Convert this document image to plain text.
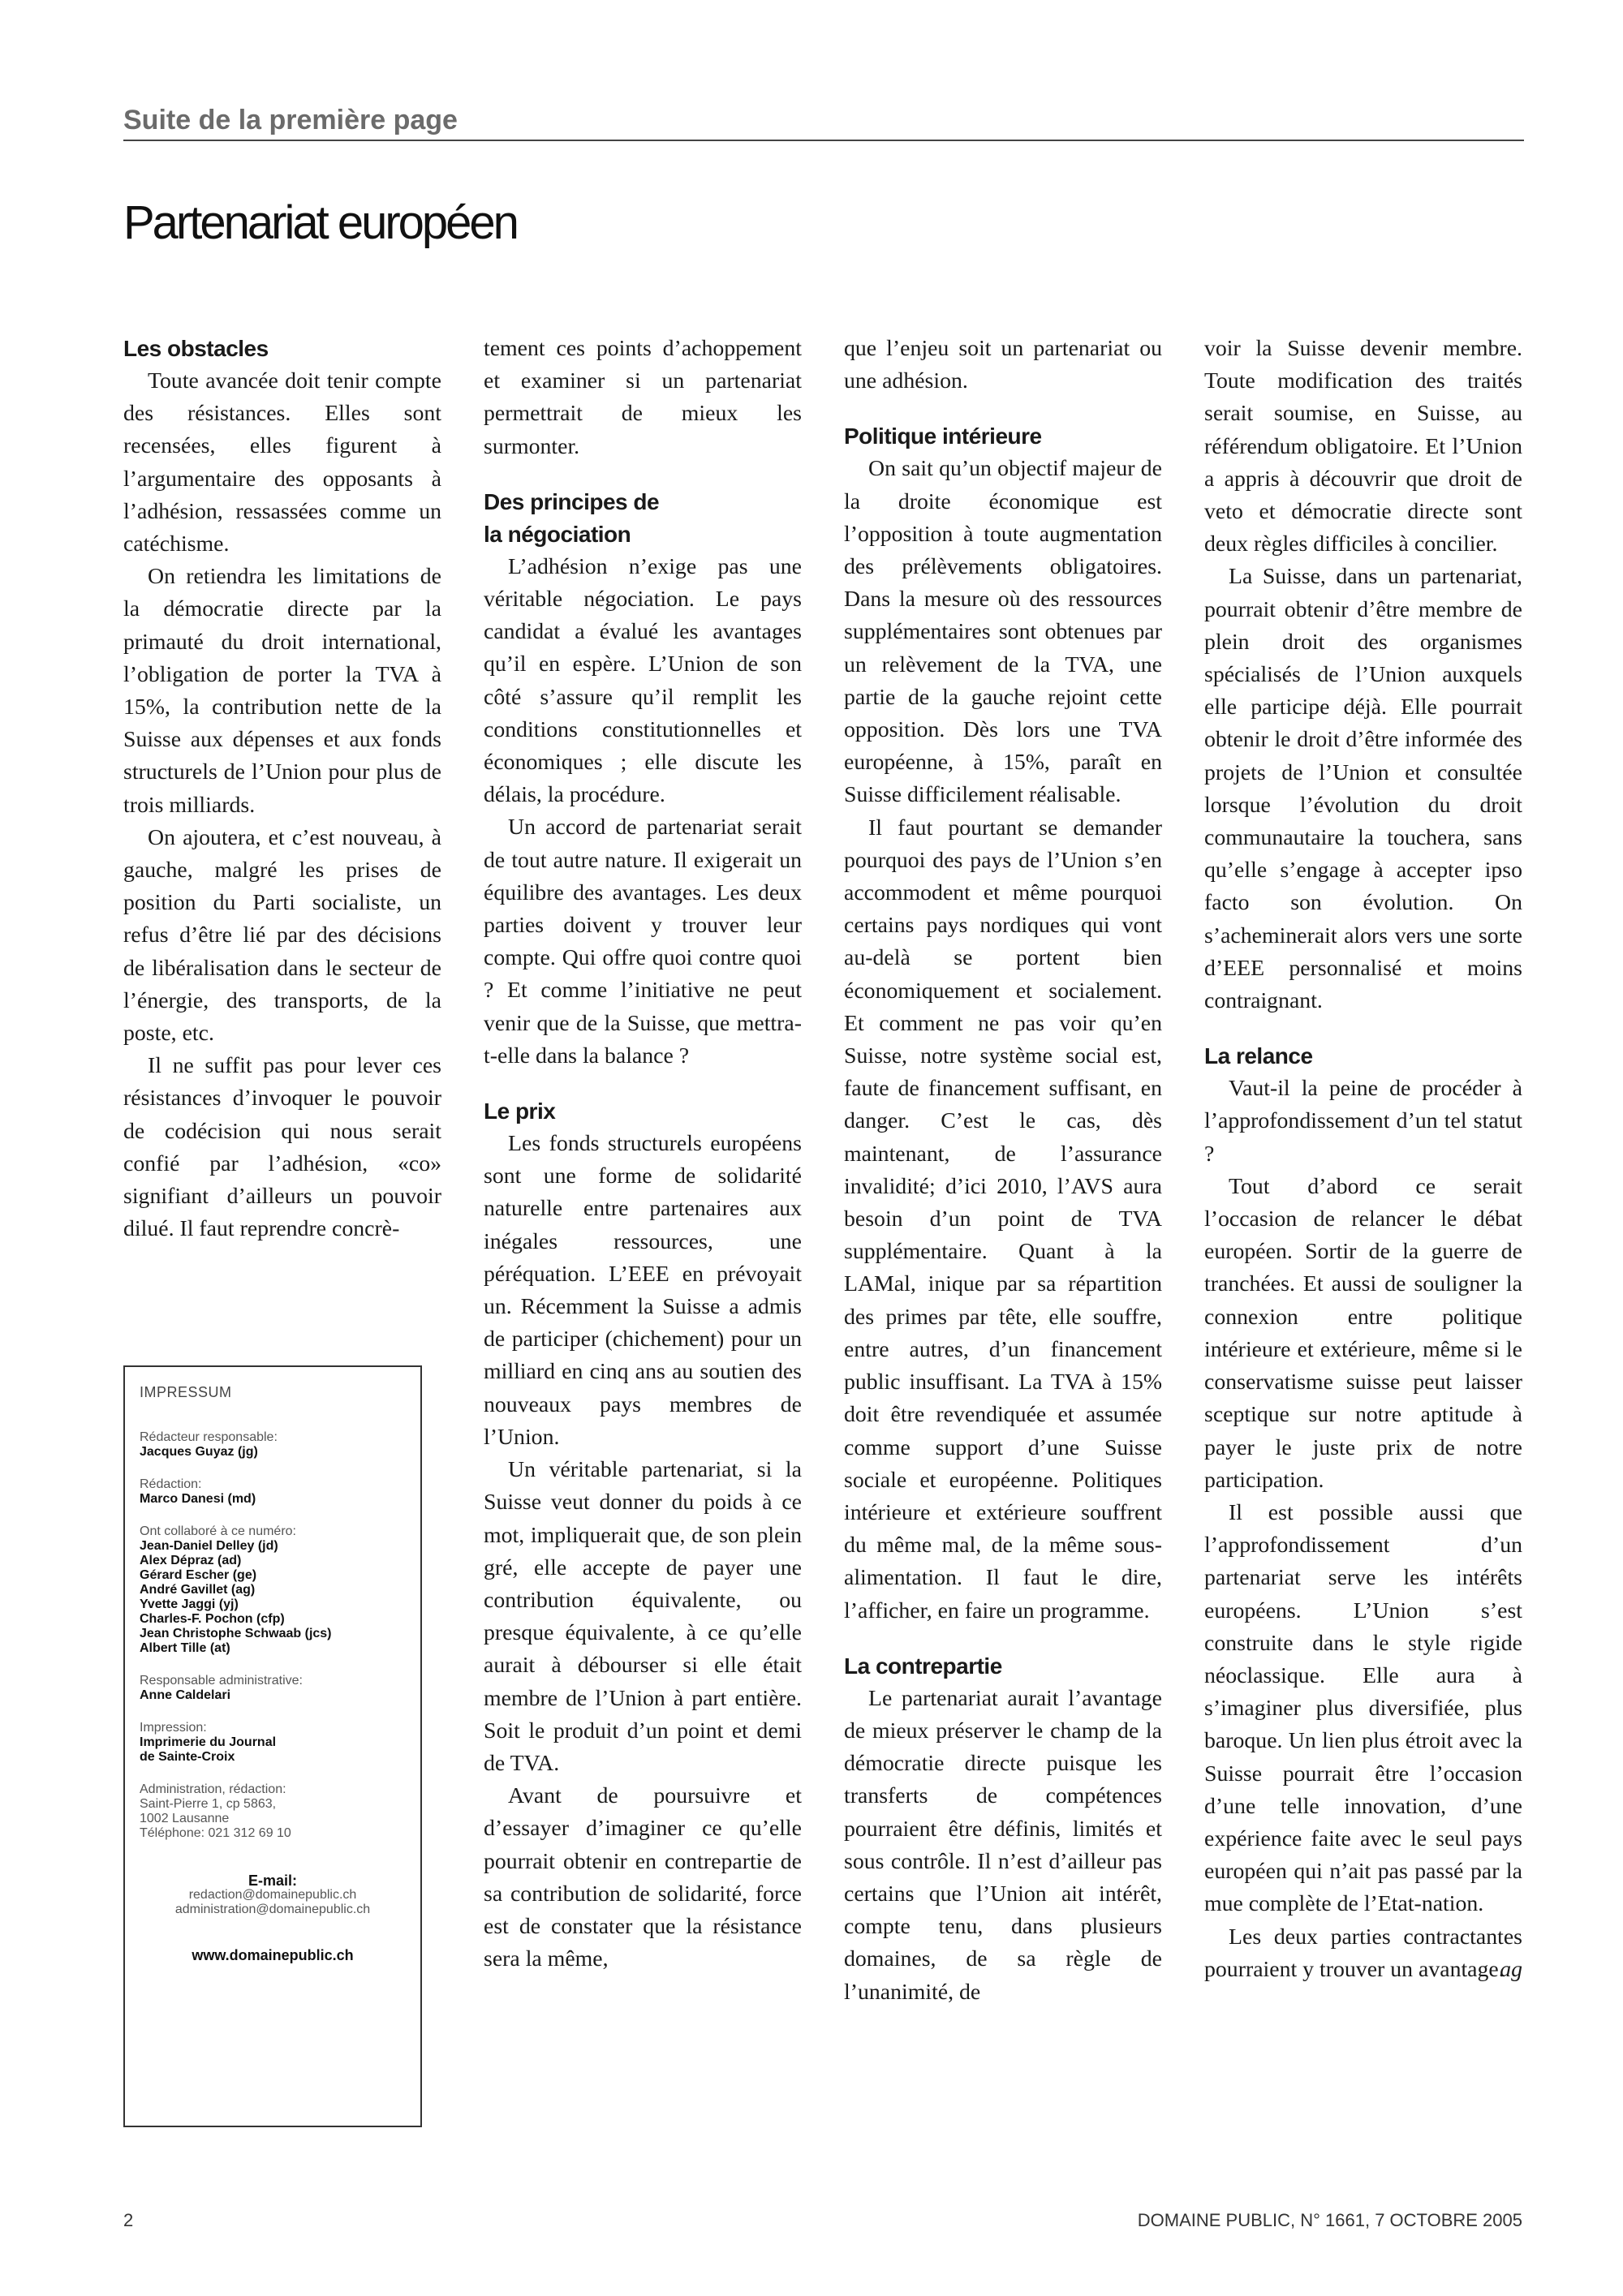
Suite de la première page
Partenariat européen
Les obstacles

Toute avancée doit tenir compte des résistances. Elles sont recensées, elles figurent à l’argumentaire des opposants à l’adhésion, ressassées comme un catéchisme.

On retiendra les limitations de la démocratie directe par la primauté du droit international, l’obligation de porter la TVA à 15%, la contribution nette de la Suisse aux dépenses et aux fonds structurels de l’Union pour plus de trois milliards.

On ajoutera, et c’est nouveau, à gauche, malgré les prises de position du Parti socialiste, un refus d’être lié par des décisions de libéralisation dans le secteur de l’énergie, des transports, de la poste, etc.

Il ne suffit pas pour lever ces résistances d’invoquer le pouvoir de codécision qui nous serait confié par l’adhésion, «co» signifiant d’ailleurs un pouvoir dilué. Il faut reprendre concrè-

IMPRESSUM
Rédacteur responsable:
Jacques Guyaz (jg)
Rédaction:
Marco Danesi (md)
Ont collaboré à ce numéro:
Jean-Daniel Delley (jd)
Alex Dépraz (ad)
Gérard Escher (ge)
André Gavillet (ag)
Yvette Jaggi (yj)
Charles-F. Pochon (cfp)
Jean Christophe Schwaab (jcs)
Albert Tille (at)
Responsable administrative:
Anne Caldelari
Impression:
Imprimerie du Journal
de Sainte-Croix
Administration, rédaction:
Saint-Pierre 1, cp 5863,
1002 Lausanne
Téléphone: 021 312 69 10
E-mail:
redaction@domainepublic.ch
administration@domainepublic.ch
www.domainepublic.ch

tement ces points d’achoppement et examiner si un partenariat permettrait de mieux les surmonter.

Des principes de la négociation

L’adhésion n’exige pas une véritable négociation. Le pays candidat a évalué les avantages qu’il en espère. L’Union de son côté s’assure qu’il remplit les conditions constitutionnelles et économiques ; elle discute les délais, la procédure.

Un accord de partenariat serait de tout autre nature. Il exigerait un équilibre des avantages. Les deux parties doivent y trouver leur compte. Qui offre quoi contre quoi ? Et comme l’initiative ne peut venir que de la Suisse, que mettra-t-elle dans la balance ?

Le prix

Les fonds structurels européens sont une forme de solidarité naturelle entre partenaires aux inégales ressources, une péréquation. L’EEE en prévoyait un. Récemment la Suisse a admis de participer (chichement) pour un milliard en cinq ans au soutien des nouveaux pays membres de l’Union.

Un véritable partenariat, si la Suisse veut donner du poids à ce mot, impliquerait que, de son plein gré, elle accepte de payer une contribution équivalente, ou presque équivalente, à ce qu’elle aurait à débourser si elle était membre de l’Union à part entière. Soit le produit d’un point et demi de TVA.

Avant de poursuivre et d’essayer d’imaginer ce qu’elle pourrait obtenir en contrepartie de sa contribution de solidarité, force est de constater que la résistance sera la même,

que l’enjeu soit un partenariat ou une adhésion.

Politique intérieure

On sait qu’un objectif majeur de la droite économique est l’opposition à toute augmentation des prélèvements obligatoires. Dans la mesure où des ressources supplémentaires sont obtenues par un relèvement de la TVA, une partie de la gauche rejoint cette opposition. Dès lors une TVA européenne, à 15%, paraît en Suisse difficilement réalisable.

Il faut pourtant se demander pourquoi des pays de l’Union s’en accommodent et même pourquoi certains pays nordiques qui vont au-delà se portent bien économiquement et socialement. Et comment ne pas voir qu’en Suisse, notre système social est, faute de financement suffisant, en danger. C’est le cas, dès maintenant, de l’assurance invalidité; d’ici 2010, l’AVS aura besoin d’un point de TVA supplémentaire. Quant à la LAMal, inique par sa répartition des primes par tête, elle souffre, entre autres, d’un financement public insuffisant. La TVA à 15% doit être revendiquée et assumée comme support d’une Suisse sociale et européenne. Politiques intérieure et extérieure souffrent du même mal, de la même sous-alimentation. Il faut le dire, l’afficher, en faire un programme.

La contrepartie

Le partenariat aurait l’avantage de mieux préserver le champ de la démocratie directe puisque les transferts de compétences pourraient être définis, limités et sous contrôle. Il n’est d’ailleur pas certains que l’Union ait intérêt, compte tenu, dans plusieurs domaines, de sa règle de l’unanimité, de

voir la Suisse devenir membre. Toute modification des traités serait soumise, en Suisse, au référendum obligatoire. Et l’Union a appris à découvrir que droit de veto et démocratie directe sont deux règles difficiles à concilier.

La Suisse, dans un partenariat, pourrait obtenir d’être membre de plein droit des organismes spécialisés de l’Union auxquels elle participe déjà. Elle pourrait obtenir le droit d’être informée des projets de l’Union et consultée lorsque l’évolution du droit communautaire la touchera, sans qu’elle s’engage à accepter ipso facto son évolution. On s’acheminerait alors vers une sorte d’EEE personnalisé et moins contraignant.

La relance

Vaut-il la peine de procéder à l’approfondissement d’un tel statut ?

Tout d’abord ce serait l’occasion de relancer le débat européen. Sortir de la guerre de tranchées. Et aussi de souligner la connexion entre politique intérieure et extérieure, même si le conservatisme suisse peut laisser sceptique sur notre aptitude à payer le juste prix de notre participation.

Il est possible aussi que l’approfondissement d’un partenariat serve les intérêts européens. L’Union s’est construite dans le style rigide néoclassique. Elle aura à s’imaginer plus diversifiée, plus baroque. Un lien plus étroit avec la Suisse pourrait être l’occasion d’une telle innovation, d’une expérience faite avec le seul pays européen qui n’ait pas passé par la mue complète de l’Etat-nation.

Les deux parties contractantes pourraient y trouver un avantage.

ag
2	DOMAINE PUBLIC, N° 1661, 7 OCTOBRE 2005
